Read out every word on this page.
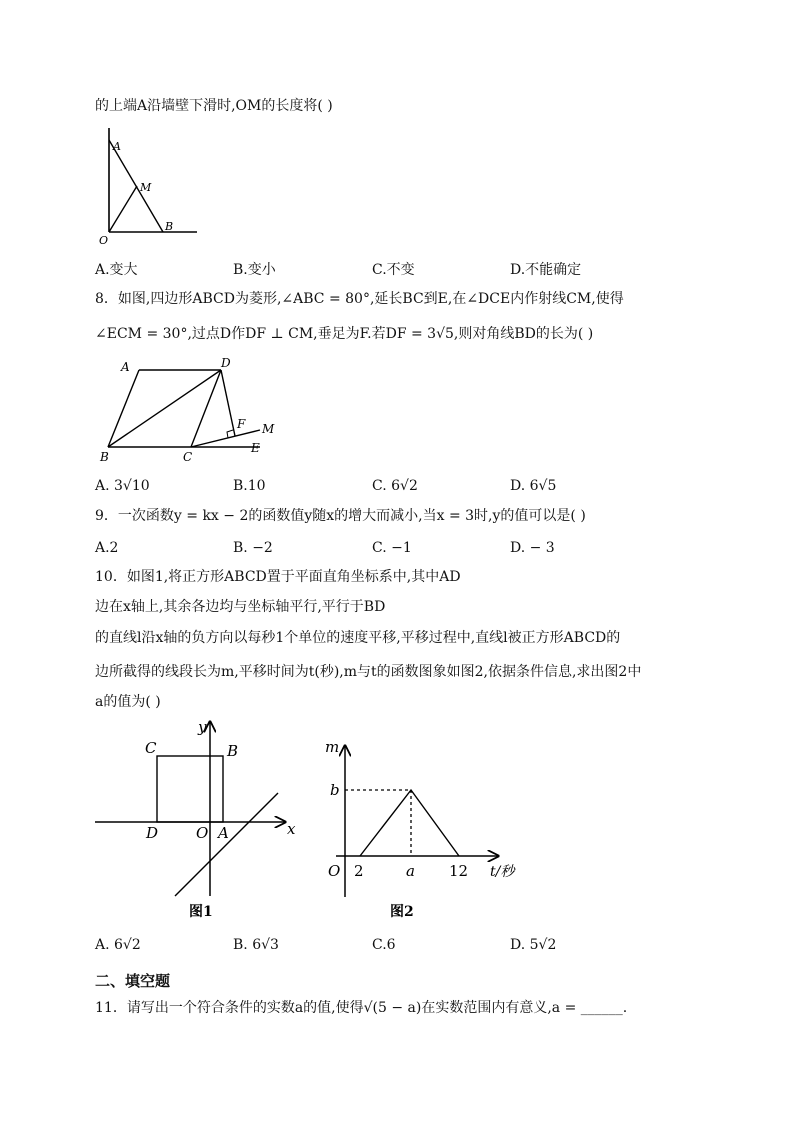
的上端A沿墙壁下滑时,OM的长度将( )
A
M
O
B
A.变大	B.变小	C.不变	D.不能确定
8．如图,四边形ABCD为菱形,∠ABC = 80°,延长BC到E,在∠DCE内作射线CM,使得
∠ECM = 30°,过点D作DF ⊥ CM,垂足为F.若DF = 3√5,则对角线BD的长为( )
A	D
F M
E
B	C
A. 3√10	B.10	C. 6√2	D. 6√5
9．一次函数y = kx − 2的函数值y随x的增大而减小,当x = 3时,y的值可以是( )
A.2	B. −2	C. −1	D. − 3
10．如图1,将正方形ABCD置于平面直角坐标系中,其中AD
边在x轴上,其余各边均与坐标轴平行,平行于BD
的直线l沿x轴的负方向以每秒1个单位的速度平移,平移过程中,直线l被正方形ABCD的
边所截得的线段长为m,平移时间为t(秒),m与t的函数图象如图2,依据条件信息,求出图2中
a的值为( )
y
C	B
D	O A	x
图1
m
b
O 2	a 12 t/秒
图2
A. 6√2	B. 6√3	C.6	D. 5√2
二、填空题
11．请写出一个符合条件的实数a的值,使得√(5 − a)在实数范围内有意义,a = ______.
